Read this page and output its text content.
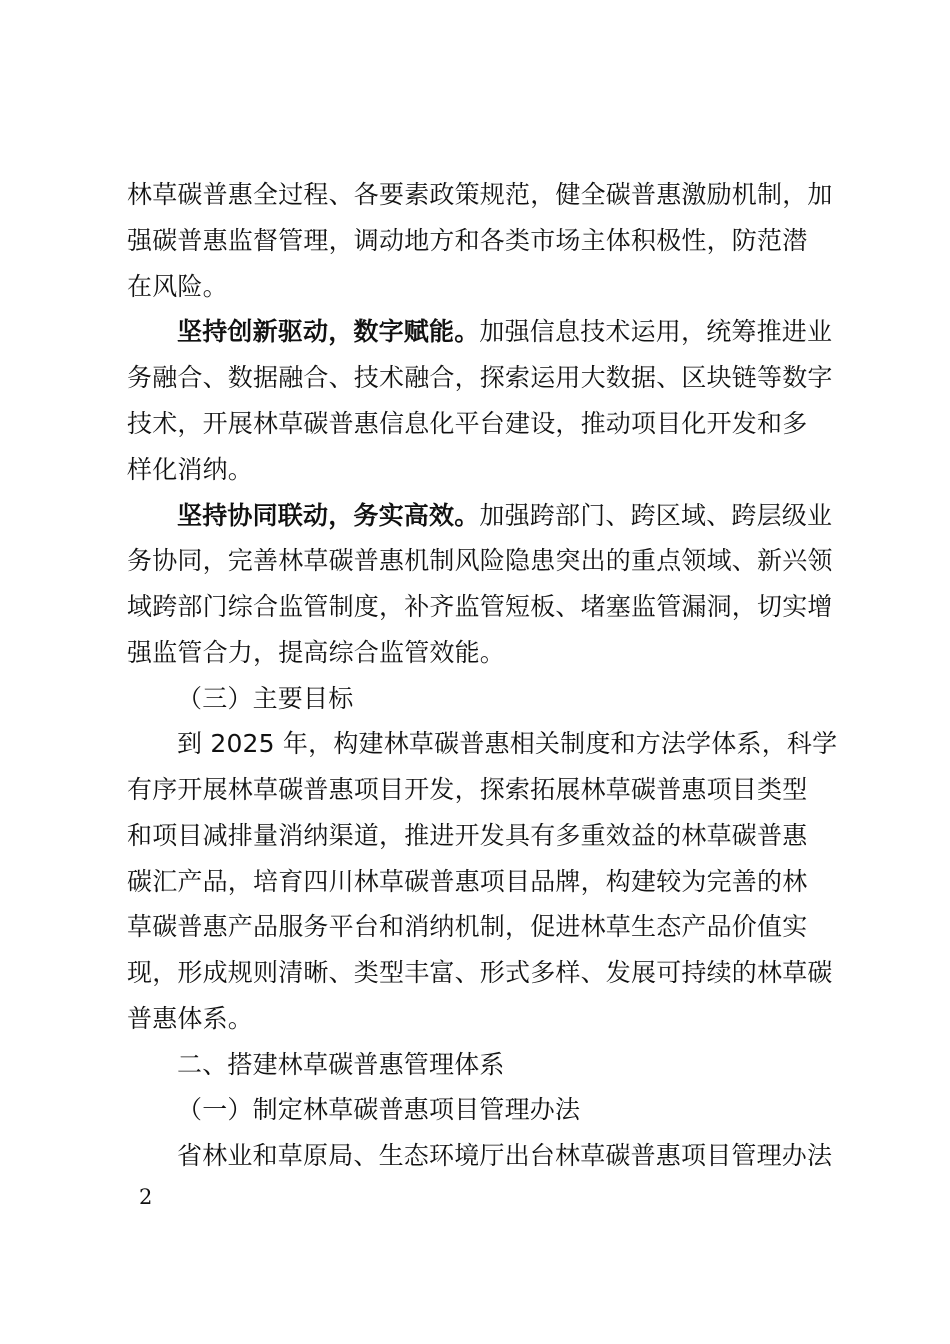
林草碳普惠全过程、各要素政策规范，健全碳普惠激励机制，加
强碳普惠监督管理，调动地方和各类市场主体积极性，防范潜
在风险。
坚持创新驱动，数字赋能。加强信息技术运用，统筹推进业
务融合、数据融合、技术融合，探索运用大数据、区块链等数字
技术，开展林草碳普惠信息化平台建设，推动项目化开发和多
样化消纳。
坚持协同联动，务实高效。加强跨部门、跨区域、跨层级业
务协同，完善林草碳普惠机制风险隐患突出的重点领域、新兴领
域跨部门综合监管制度，补齐监管短板、堵塞监管漏洞，切实增
强监管合力，提高综合监管效能。
（三）主要目标
到 2025 年，构建林草碳普惠相关制度和方法学体系，科学
有序开展林草碳普惠项目开发，探索拓展林草碳普惠项目类型
和项目减排量消纳渠道，推进开发具有多重效益的林草碳普惠
碳汇产品，培育四川林草碳普惠项目品牌，构建较为完善的林
草碳普惠产品服务平台和消纳机制，促进林草生态产品价值实
现，形成规则清晰、类型丰富、形式多样、发展可持续的林草碳
普惠体系。
二、搭建林草碳普惠管理体系
（一）制定林草碳普惠项目管理办法
省林业和草原局、生态环境厅出台林草碳普惠项目管理办法
2
